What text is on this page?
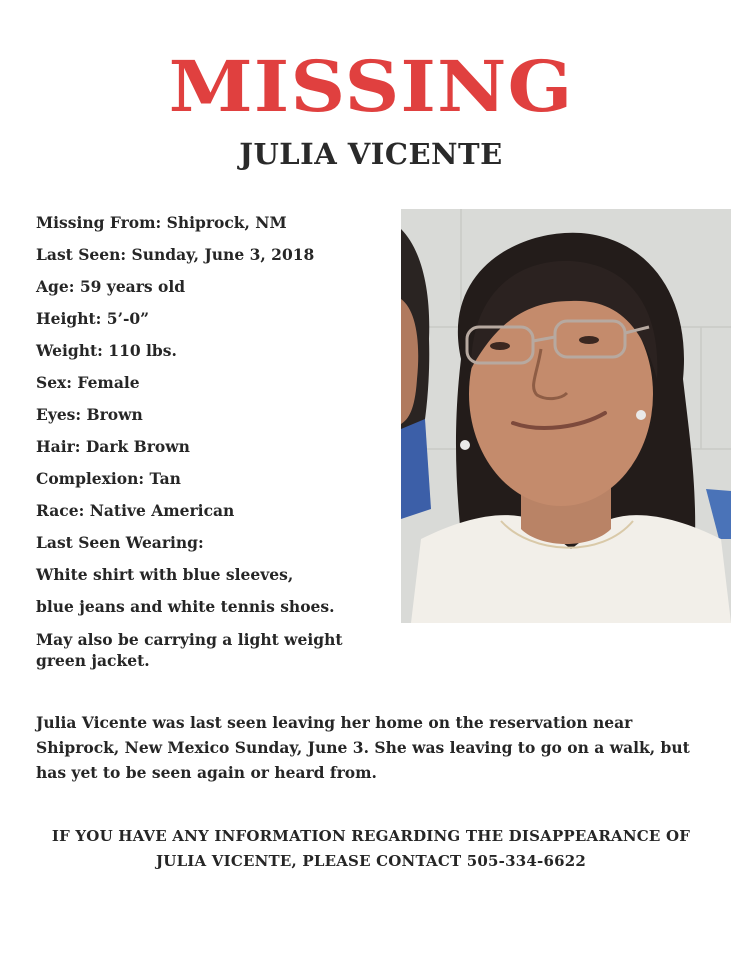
MISSING
JULIA VICENTE
Missing From: Shiprock, NM
Last Seen: Sunday, June 3, 2018
Age: 59 years old
Height: 5’-0”
Weight: 110 lbs.
Sex: Female
Eyes: Brown
Hair: Dark Brown
Complexion: Tan
Race: Native American
Last Seen Wearing:
White shirt with blue sleeves,
blue jeans and white tennis shoes.
May also be carrying a light weight green jacket.

Julia Vicente was last seen leaving her home on the reservation near Shiprock, New Mexico Sunday, June 3. She was leaving to go on a walk, but has yet to be seen again or heard from.

IF YOU HAVE ANY INFORMATION REGARDING THE DISAPPEARANCE OF
JULIA VICENTE, PLEASE CONTACT 505-334-6622
